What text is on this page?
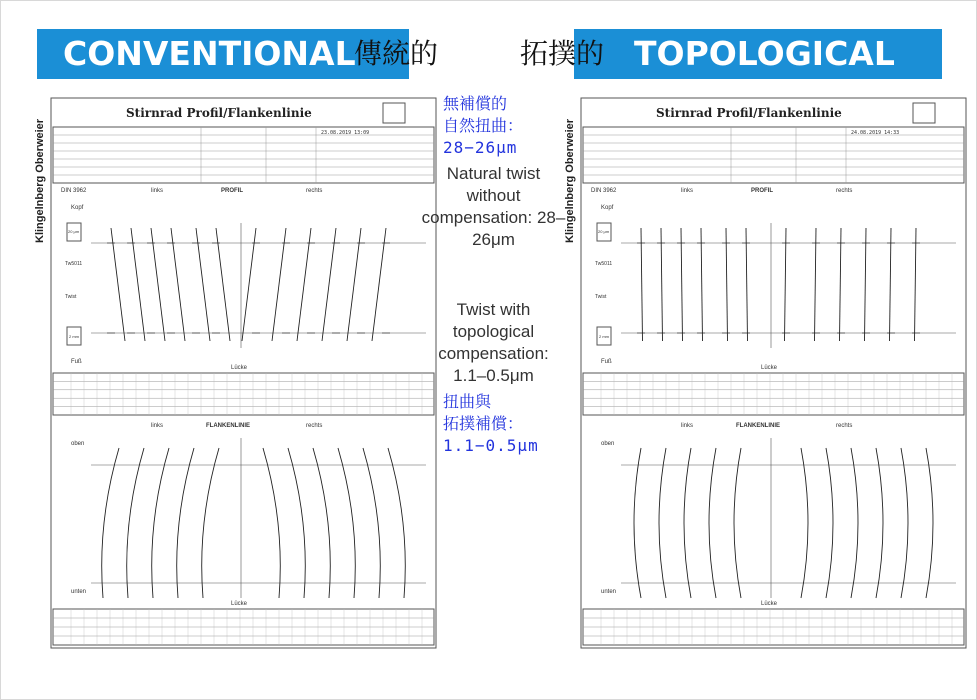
CONVENTIONAL
傳統的	TOPOLOGICAL
拓撲的
Klingelnberg Oberweier
Stirnrad Profil/Flankenlinie
23.08.2019 13:09
DIN 3962	links	PROFIL	rechts
Kopf
Fuß
Tw5011
Twist
20 μm
2 mm
Lücke
links	FLANKENLINIE	rechts
oben
unten
Lücke
Klingelnberg Oberweier
Stirnrad Profil/Flankenlinie
24.08.2019 14:33
DIN 3962	links	PROFIL	rechts
Kopf
Fuß
Tw5011
Twist
20 μm
2 mm
Lücke
links	FLANKENLINIE	rechts
oben
unten
Lücke
無補償的
自然扭曲：
28−26μm
Natural twist without compensation: 28–26μm
Twist with topological compensation: 1.1–0.5μm
扭曲與
拓撲補償：
1.1−0.5μm
